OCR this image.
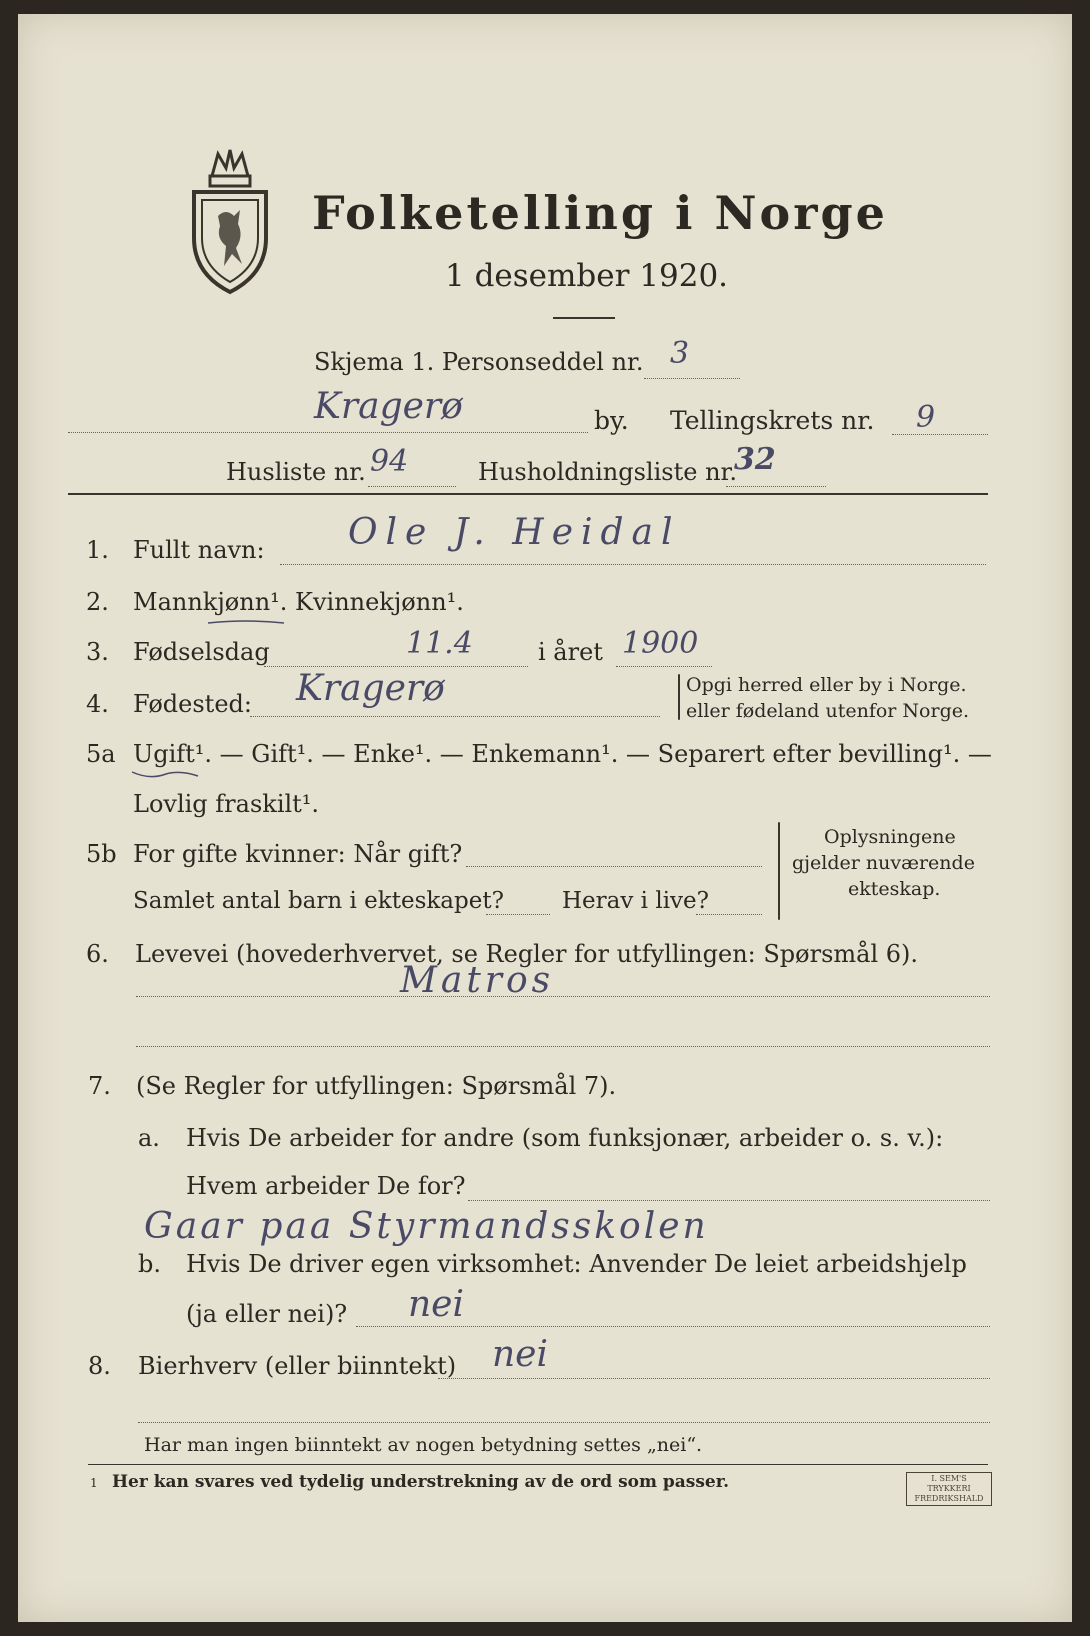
Folketelling i Norge
1 desember 1920.
Skjema 1. Personseddel nr. 3
Kragerø	by. Tellingskrets nr. 9
Husliste nr. 94	Husholdningsliste nr.
32
1. Fullt navn: Ole J. Heidal
2. Mannkjønn¹. Kvinnekjønn¹.
3. Fødselsdag	11.4	i året 1900
4. Fødested: Kragerø	Opgi herred eller by i Norge.
eller fødeland utenfor Norge.
5a Ugift¹. — Gift¹. — Enke¹. — Enkemann¹. — Separert efter bevilling¹. —
Lovlig fraskilt¹.
5b For gifte kvinner: Når gift?
Samlet antal barn i ekteskapet?	Herav i live?
Oplysningene
gjelder nuværende
ekteskap.
6. Levevei (hovederhvervet, se Regler for utfyllingen: Spørsmål 6).
Matros
7. (Se Regler for utfyllingen: Spørsmål 7).
a. Hvis De arbeider for andre (som funksjonær, arbeider o. s. v.):
Hvem arbeider De for?
Gaar paa Styrmandsskolen
b. Hvis De driver egen virksomhet: Anvender De leiet arbeidshjelp
(ja eller nei)? nei
8. Bierhverv (eller biinntekt) nei
Har man ingen biinntekt av nogen betydning settes „nei“.
1 Her kan svares ved tydelig understrekning av de ord som passer.	I. SEM'S TRYKKERI FREDRIKSHALD
